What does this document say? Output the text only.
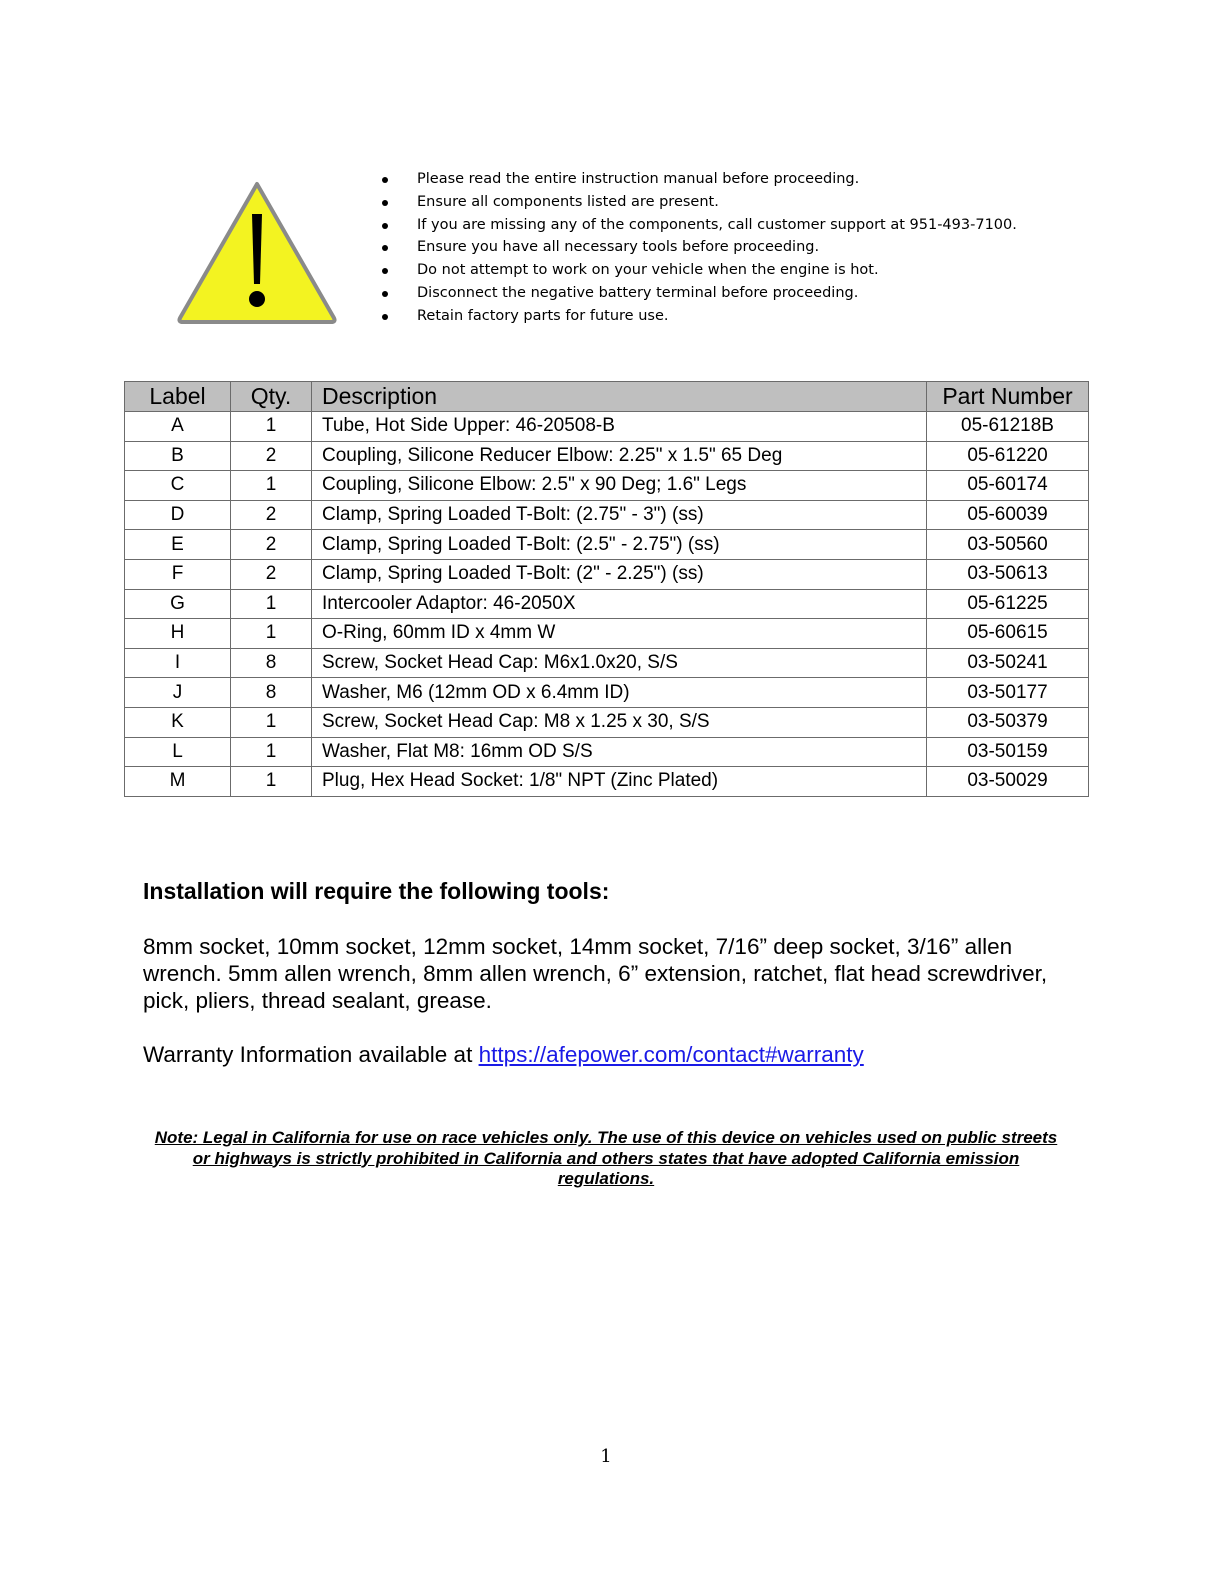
Please read the entire instruction manual before proceeding.
Ensure all components listed are present.
If you are missing any of the components, call customer support at 951-493-7100.
Ensure you have all necessary tools before proceeding.
Do not attempt to work on your vehicle when the engine is hot.
Disconnect the negative battery terminal before proceeding.
Retain factory parts for future use.
Label	Qty.	Description	Part Number
A	1	Tube, Hot Side Upper: 46-20508-B	05-61218B
B	2	Coupling, Silicone Reducer Elbow: 2.25" x 1.5" 65 Deg	05-61220
C	1	Coupling, Silicone Elbow: 2.5" x 90 Deg; 1.6" Legs	05-60174
D	2	Clamp, Spring Loaded T-Bolt: (2.75" - 3") (ss)	05-60039
E	2	Clamp, Spring Loaded T-Bolt: (2.5" - 2.75") (ss)	03-50560
F	2	Clamp, Spring Loaded T-Bolt: (2" - 2.25") (ss)	03-50613
G	1	Intercooler Adaptor: 46-2050X	05-61225
H	1	O-Ring, 60mm ID x 4mm W	05-60615
I	8	Screw, Socket Head Cap: M6x1.0x20, S/S	03-50241
J	8	Washer, M6 (12mm OD x 6.4mm ID)	03-50177
K	1	Screw, Socket Head Cap: M8 x 1.25 x 30, S/S	03-50379
L	1	Washer, Flat M8: 16mm OD S/S	03-50159
M	1	Plug, Hex Head Socket: 1/8" NPT (Zinc Plated)	03-50029
Installation will require the following tools:

8mm socket, 10mm socket, 12mm socket, 14mm socket, 7/16” deep socket, 3/16” allen wrench. 5mm allen wrench, 8mm allen wrench, 6” extension, ratchet, flat head screwdriver, pick, pliers, thread sealant, grease.

Warranty Information available at https://afepower.com/contact#warranty

Note: Legal in California for use on race vehicles only. The use of this device on vehicles used on public streets or highways is strictly prohibited in California and others states that have adopted California emission regulations.

1
